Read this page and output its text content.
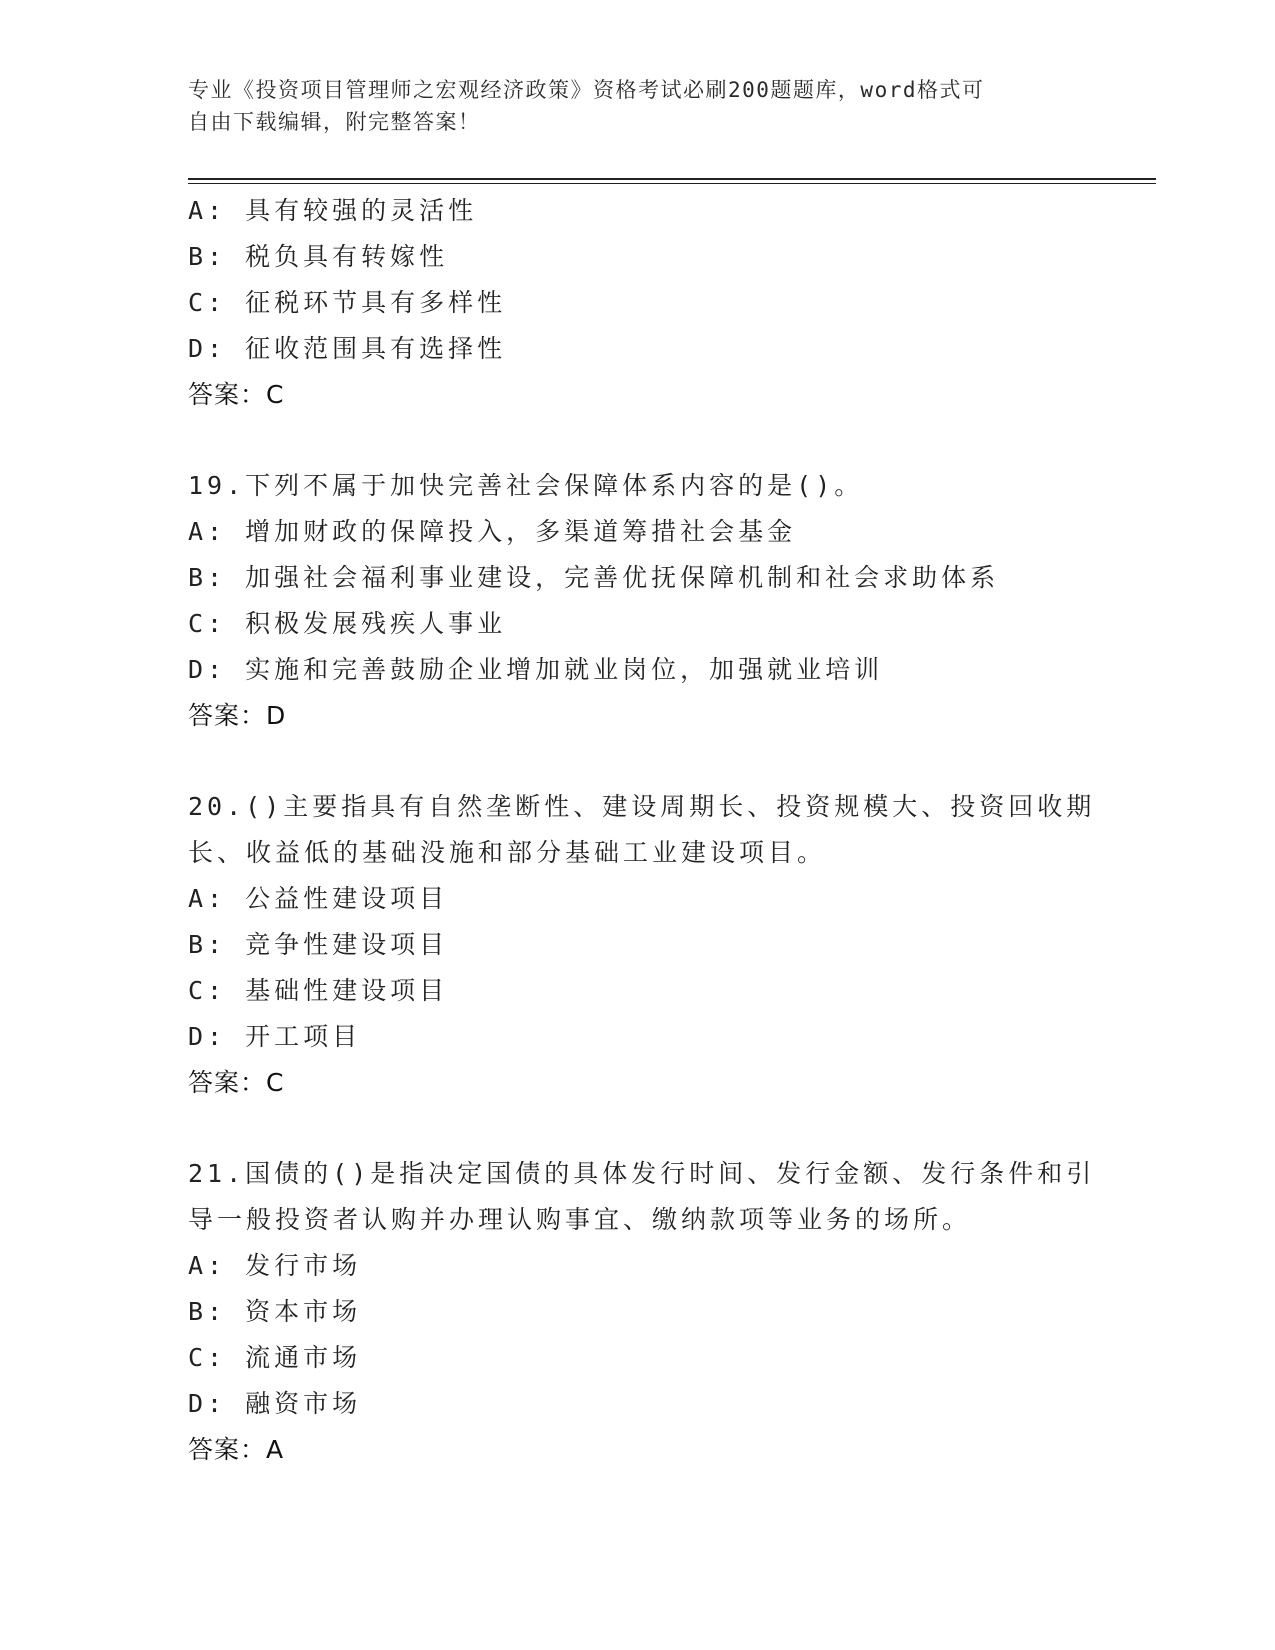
专业《投资项目管理师之宏观经济政策》资格考试必刷200题题库，word格式可
自由下载编辑，附完整答案！
A: 具有较强的灵活性
B: 税负具有转嫁性
C: 征税环节具有多样性
D: 征收范围具有选择性
答案：C
19.下列不属于加快完善社会保障体系内容的是()。
A: 增加财政的保障投入，多渠道筹措社会基金
B: 加强社会福利事业建设，完善优抚保障机制和社会求助体系
C: 积极发展残疾人事业
D: 实施和完善鼓励企业增加就业岗位，加强就业培训
答案：D
20.()主要指具有自然垄断性、建设周期长、投资规模大、投资回收期
长、收益低的基础没施和部分基础工业建设项目。
A: 公益性建设项目
B: 竞争性建设项目
C: 基础性建设项目
D: 开工项目
答案：C
21.国债的()是指决定国债的具体发行时间、发行金额、发行条件和引
导一般投资者认购并办理认购事宜、缴纳款项等业务的场所。
A: 发行市场
B: 资本市场
C: 流通市场
D: 融资市场
答案：A
